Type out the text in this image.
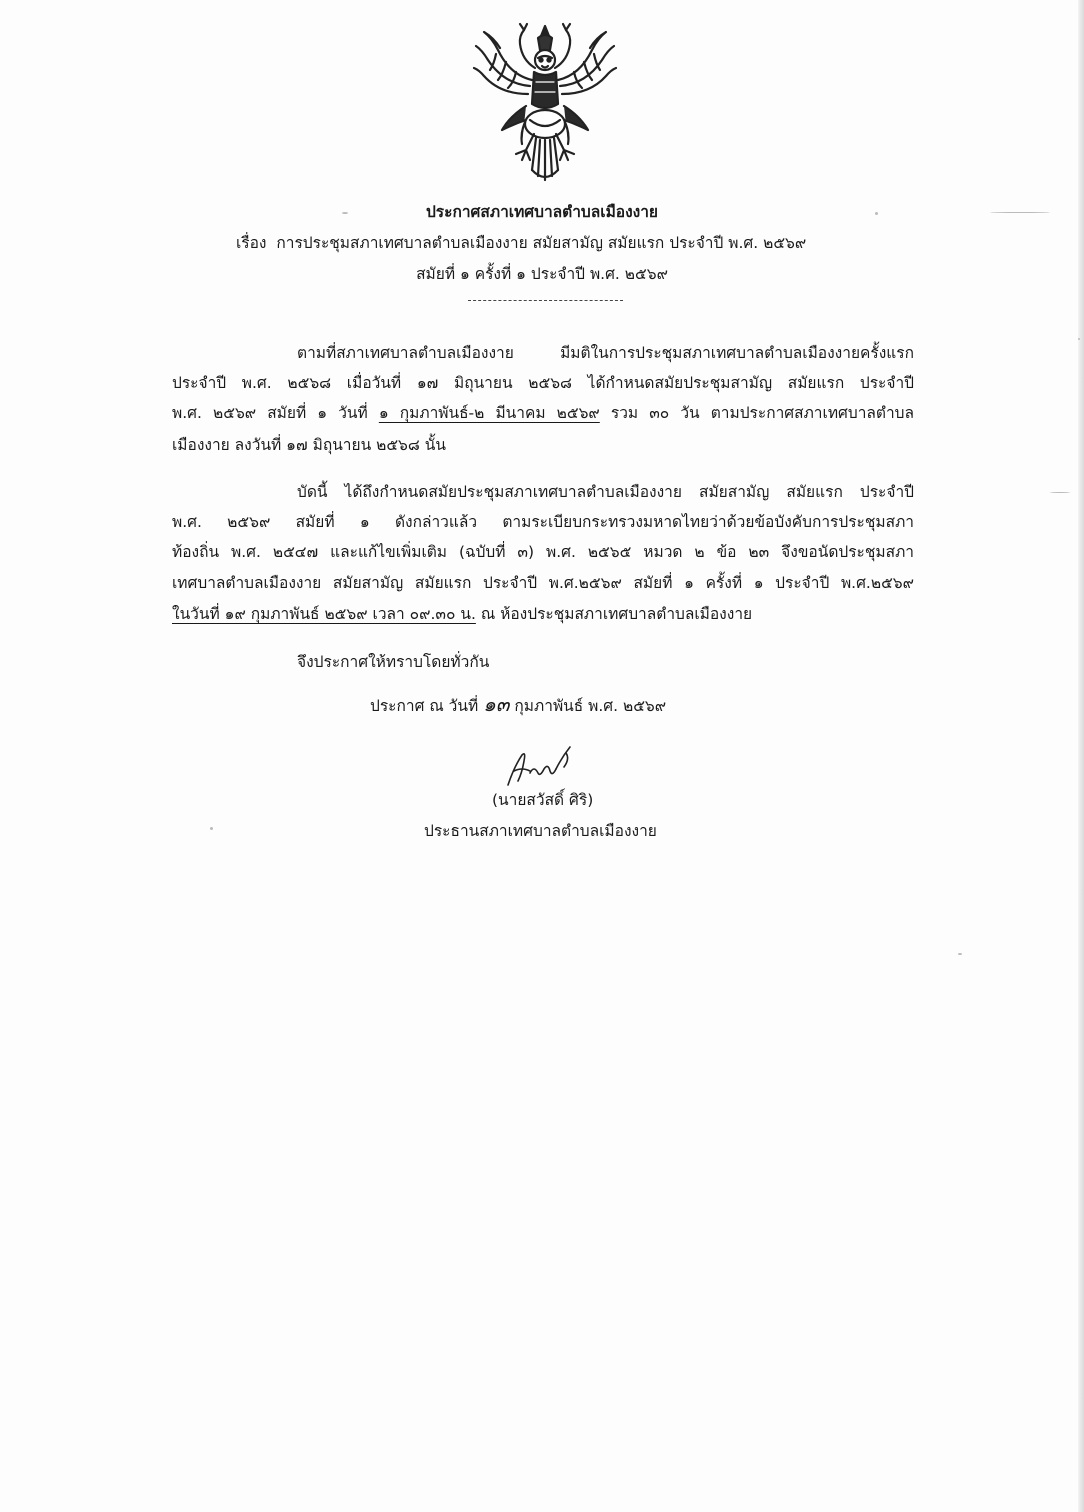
ประกาศสภาเทศบาลตำบลเมืองงาย
เรื่อง การประชุมสภาเทศบาลตำบลเมืองงาย สมัยสามัญ สมัยแรก ประจำปี พ.ศ. ๒๕๖๙
สมัยที่ ๑ ครั้งที่ ๑ ประจำปี พ.ศ. ๒๕๖๙
ตามที่สภาเทศบาลตำบลเมืองงาย มีมติในการประชุมสภาเทศบาลตำบลเมืองงายครั้งแรก
ประจำปี พ.ศ. ๒๕๖๘ เมื่อวันที่ ๑๗ มิถุนายน ๒๕๖๘ ได้กำหนดสมัยประชุมสามัญ สมัยแรก ประจำปี
พ.ศ. ๒๕๖๙ สมัยที่ ๑ วันที่ ๑ กุมภาพันธ์-๒ มีนาคม ๒๕๖๙ รวม ๓๐ วัน ตามประกาศสภาเทศบาลตำบล
เมืองงาย ลงวันที่ ๑๗ มิถุนายน ๒๕๖๘ นั้น
บัดนี้ ได้ถึงกำหนดสมัยประชุมสภาเทศบาลตำบลเมืองงาย สมัยสามัญ สมัยแรก ประจำปี
พ.ศ. ๒๕๖๙ สมัยที่ ๑ ดังกล่าวแล้ว ตามระเบียบกระทรวงมหาดไทยว่าด้วยข้อบังคับการประชุมสภา
ท้องถิ่น พ.ศ. ๒๕๔๗ และแก้ไขเพิ่มเติม (ฉบับที่ ๓) พ.ศ. ๒๕๖๕ หมวด ๒ ข้อ ๒๓ จึงขอนัดประชุมสภา
เทศบาลตำบลเมืองงาย สมัยสามัญ สมัยแรก ประจำปี พ.ศ.๒๕๖๙ สมัยที่ ๑ ครั้งที่ ๑ ประจำปี พ.ศ.๒๕๖๙
ในวันที่ ๑๙ กุมภาพันธ์ ๒๕๖๙ เวลา ๐๙.๓๐ น. ณ ห้องประชุมสภาเทศบาลตำบลเมืองงาย
จึงประกาศให้ทราบโดยทั่วกัน
ประกาศ ณ วันที่ ๑๓ กุมภาพันธ์ พ.ศ. ๒๕๖๙
(นายสวัสดิ์ ศิริ)
ประธานสภาเทศบาลตำบลเมืองงาย
